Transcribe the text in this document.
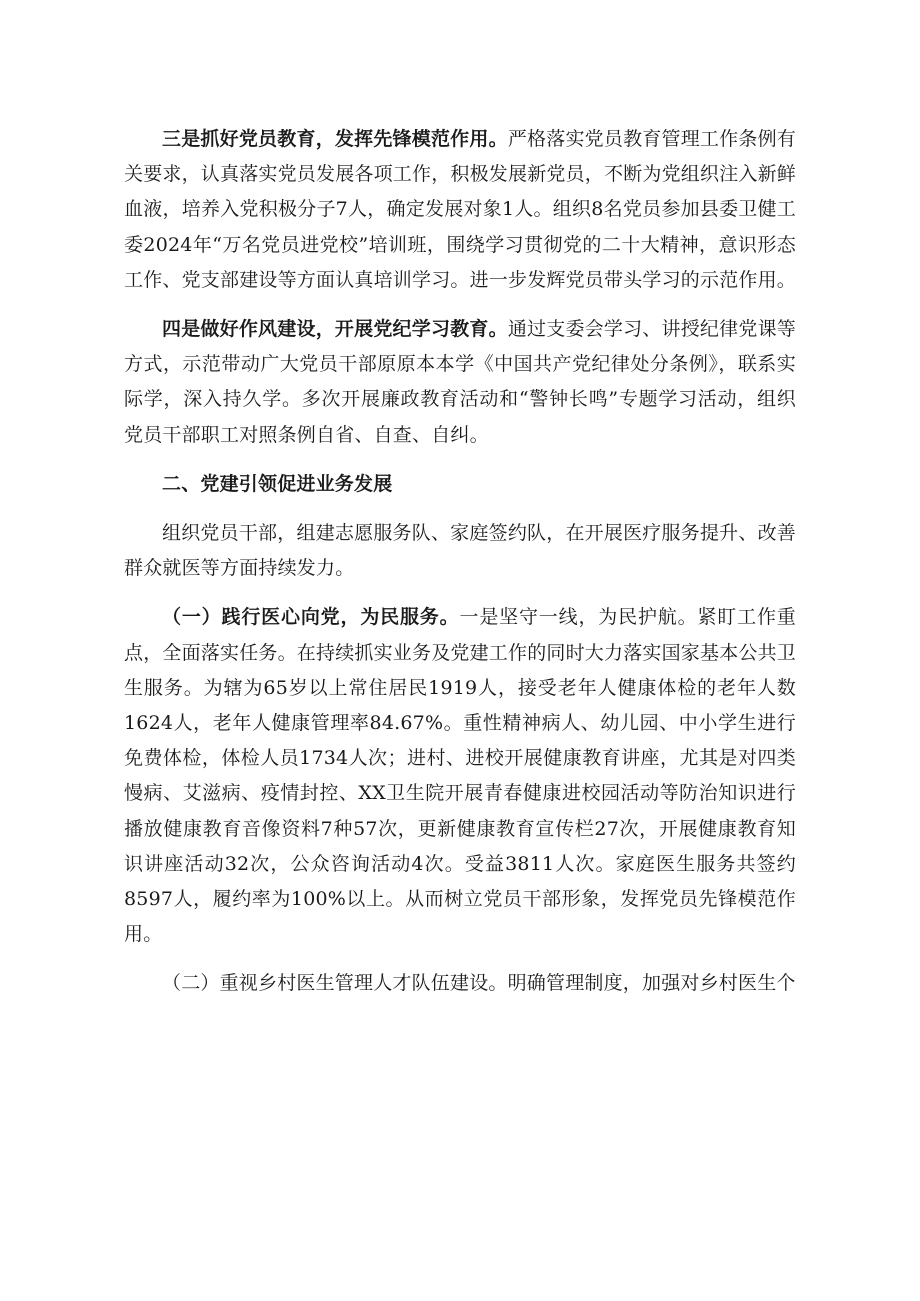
三是抓好党员教育，发挥先锋模范作用。严格落实党员教育管理工作条例有关要求，认真落实党员发展各项工作，积极发展新党员，不断为党组织注入新鲜血液，培养入党积极分子7人，确定发展对象1人。组织8名党员参加县委卫健工委2024年“万名党员进党校”培训班，围绕学习贯彻党的二十大精神，意识形态工作、党支部建设等方面认真培训学习。进一步发辉党员带头学习的示范作用。

四是做好作风建设，开展党纪学习教育。通过支委会学习、讲授纪律党课等方式，示范带动广大党员干部原原本本学《中国共产党纪律处分条例》，联系实际学，深入持久学。多次开展廉政教育活动和“警钟长鸣”专题学习活动，组织党员干部职工对照条例自省、自查、自纠。

二、党建引领促进业务发展

组织党员干部，组建志愿服务队、家庭签约队，在开展医疗服务提升、改善群众就医等方面持续发力。

（一）践行医心向党，为民服务。一是坚守一线，为民护航。紧盯工作重点，全面落实任务。在持续抓实业务及党建工作的同时大力落实国家基本公共卫生服务。为辖为65岁以上常住居民1919人，接受老年人健康体检的老年人数1624人，老年人健康管理率84.67%。重性精神病人、幼儿园、中小学生进行免费体检，体检人员1734人次；进村、进校开展健康教育讲座，尤其是对四类慢病、艾滋病、疫情封控、XX卫生院开展青春健康进校园活动等防治知识进行播放健康教育音像资料7种57次，更新健康教育宣传栏27次，开展健康教育知识讲座活动32次，公众咨询活动4次。受益3811人次。家庭医生服务共签约8597人，履约率为100%以上。从而树立党员干部形象，发挥党员先锋模范作用。

（二）重视乡村医生管理人才队伍建设。明确管理制度，加强对乡村医生个
